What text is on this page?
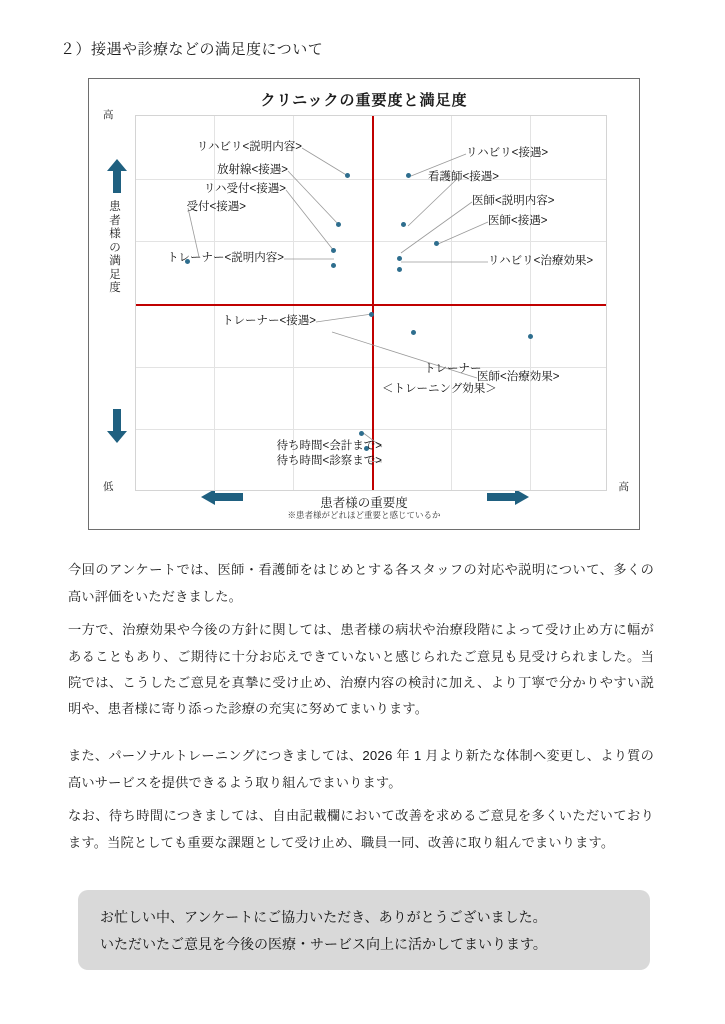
２）接遇や診療などの満足度について
クリニックの重要度と満足度
患
者
様
の
満
足
度
高
低	高
患者様の重要度
※患者様がどれほど重要と感じているか
リハビリ<説明内容>
放射線<接遇>
リハ受付<接遇>
受付<接遇>
トレーナー<説明内容>
リハビリ<接遇>
看護師<接遇>
医師<説明内容>
医師<接遇>
リハビリ<治療効果>
トレーナー<接遇>
医師<治療効果>
トレーナー
＜トレーニング効果＞
待ち時間<会計まで>
待ち時間<診察まで>

今回のアンケートでは、医師・看護師をはじめとする各スタッフの対応や説明について、多くの高い評価をいただきました。

一方で、治療効果や今後の方針に関しては、患者様の病状や治療段階によって受け止め方に幅があることもあり、ご期待に十分お応えできていないと感じられたご意見も見受けられました。当院では、こうしたご意見を真摯に受け止め、治療内容の検討に加え、より丁寧で分かりやすい説明や、患者様に寄り添った診療の充実に努めてまいります。

また、パーソナルトレーニングにつきましては、2026 年 1 月より新たな体制へ変更し、より質の高いサービスを提供できるよう取り組んでまいります。

なお、待ち時間につきましては、自由記載欄において改善を求めるご意見を多くいただいております。当院としても重要な課題として受け止め、職員一同、改善に取り組んでまいります。

お忙しい中、アンケートにご協力いただき、ありがとうございました。
いただいたご意見を今後の医療・サービス向上に活かしてまいります。
